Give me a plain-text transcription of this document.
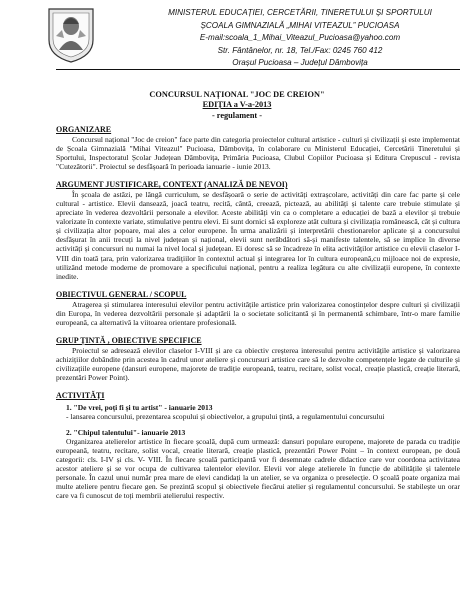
MINISTERUL EDUCAȚIEI, CERCETĂRII, TINERETULUI ȘI SPORTULUI
ȘCOALA GIMNAZIALĂ „MIHAI VITEAZUL” PUCIOASA
E-mail:scoala_1_Mihai_Viteazul_Pucioasa@yahoo.com
Str. Fântânelor, nr. 18, Tel./Fax: 0245 760 412
Orașul Pucioasa – Județul Dâmbovița
CONCURSUL NAȚIONAL "JOC DE CREION"
EDIȚIA a V-a-2013
- regulament -
ORGANIZARE

Concursul național "Joc de creion" face parte din categoria proiectelor cultural artistice - culturi și civilizații și este implementat de Școala Gimnazială "Mihai Viteazul" Pucioasa, Dâmbovița, în colaborare cu Ministerul Educației, Cercetării Tineretului și Sportului, Inspectoratul Școlar Județean Dâmbovița, Primăria Pucioasa, Clubul Copiilor Pucioasa și Editura Crepuscul - revista "Cutezătorii". Proiectul se desfășoară în perioada ianuarie - iunie 2013.

ARGUMENT JUSTIFICARE, CONTEXT (ANALIZĂ DE NEVOI)

În școala de astăzi, pe lângă curriculum, se desfășoară o serie de activități extrașcolare, activități din care fac parte și cele cultural - artistice. Elevii dansează, joacă teatru, recită, cântă, creează, pictează, au abilități și talente care trebuie stimulate și apreciate în vederea dezvoltării personale a elevilor. Aceste abilități vin ca o completare a educației de bază a elevilor și trebuie valorizate în contexte variate, stimulative pentru elevi. Ei sunt dornici să exploreze atât cultura și civilizația românească, cât și cultura și civilizația altor popoare, mai ales a celor europene. În urma analizării și interpretării chestionarelor aplicate și a concursului desfășurat în anii trecuți la nivel județean și național, elevii sunt nerăbdători să-și manifeste talentele, să se implice în diverse activități și concursuri nu numai la nivel local și județean. Ei doresc să se încadreze în elita activităților artistice cu elevii claselor I-VIII din toată țara, prin valorizarea tradițiilor în contextul actual și integrarea lor în cultura europeană,cu mijloace noi de expresie, utilizând metode moderne de promovare a specificului național, pentru a realiza legătura cu alte civilizații europene, în contexte inedite.

OBIECTIVUL GENERAL / SCOPUL

Atragerea și stimularea interesului elevilor pentru activitățile artistice prin valorizarea conoștințelor despre culturi și civilizații din Europa, în vederea dezvoltării personale și adaptării la o societate solicitantă și în permanentă schimbare, într-o mare familie europeană, ca alternativă la viitoarea orientare profesională.

GRUP ȚINTĂ , OBIECTIVE SPECIFICE

Proiectul se adresează elevilor claselor I-VIII și are ca obiectiv creșterea interesului pentru activitățile artistice și valorizarea achizițiilor dobândite prin acestea în cadrul unor ateliere și concursuri artistice care să le dezvolte competențele legate de culturile și civilizațiile europene (dansuri europene, majorete de tradiție europeană, teatru, recitare, solist vocal, creație plastică, creație literară, prezentări Power Point).

ACTIVITĂȚI
1. "De vrei, poți fi și tu artist" - ianuarie 2013

- lansarea concursului, prezentarea scopului și obiectivelor, a grupului țintă, a regulamentului concursului

2. "Chipul talentului"- ianuarie 2013

Organizarea atelierelor artistice în fiecare școală, după cum urmează: dansuri populare europene, majorete de parada cu tradiție europeană, teatru, recitare, solist vocal, creatie literară, creație plastică, prezentări Power Point – în context european, pe două categorii: cls. I-IV și cls. V- VIII. În fiecare școală participantă vor fi desemnate cadrele didactice care vor coordona activitatea acestor ateliere și se vor ocupa de cultivarea talentelor elevilor. Elevii vor alege atelierele în funcție de abilitățile și talentele personale. În cazul unui număr prea mare de elevi candidați la un atelier, se va organiza o preselecție. O școală poate organiza mai multe ateliere pentru fiecare gen. Se prezintă scopul și obiectivele fiecărui atelier și regulamentul concursului. Se stabilește un orar care va fi cunoscut de toți membrii atelierului respectiv.
